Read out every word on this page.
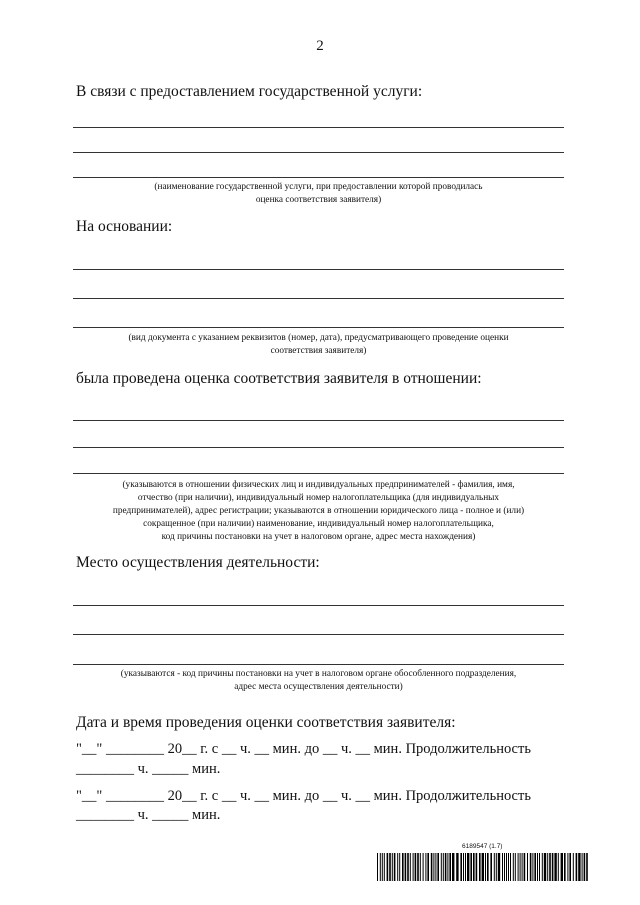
2
В связи с предоставлением государственной услуги:
(наименование государственной услуги, при предоставлении которой проводилась
оценка соответствия заявителя)
На основании:
(вид документа с указанием реквизитов (номер, дата), предусматривающего проведение оценки
соответствия заявителя)
была проведена оценка соответствия заявителя в отношении:
(указываются в отношении физических лиц и индивидуальных предпринимателей - фамилия, имя,
отчество (при наличии), индивидуальный номер налогоплательщика (для индивидуальных
предпринимателей), адрес регистрации; указываются в отношении юридического лица - полное и (или)
сокращенное (при наличии) наименование, индивидуальный номер налогоплательщика,
код причины постановки на учет в налоговом органе, адрес места нахождения)
Место осуществления деятельности:
(указываются - код причины постановки на учет в налоговом органе обособленного подразделения,
адрес места осуществления деятельности)
Дата и время проведения оценки соответствия заявителя:
"__" ________ 20__ г. с __ ч. __ мин. до __ ч. __ мин. Продолжительность
________ ч. _____ мин.
"__" ________ 20__ г. с __ ч. __ мин. до __ ч. __ мин. Продолжительность
________ ч. _____ мин.
6189547 (1.7)
